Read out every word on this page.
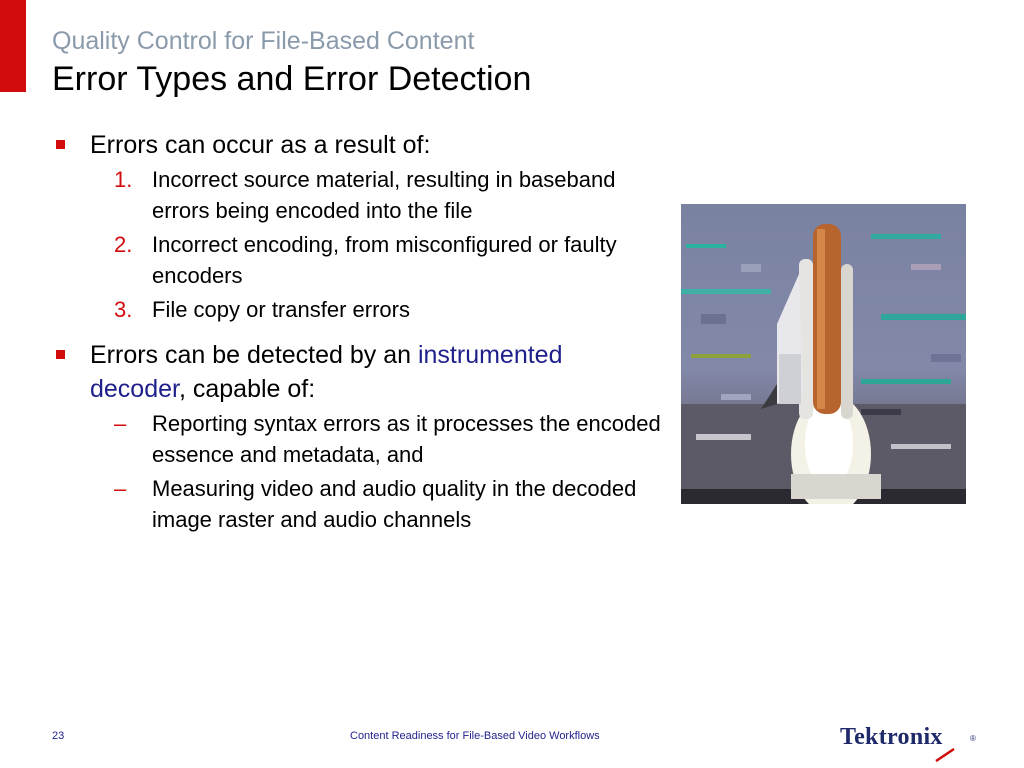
Quality Control for File-Based Content
Error Types and Error Detection
Errors can occur as a result of:
1. Incorrect source material, resulting in baseband errors being encoded into the file
2. Incorrect encoding, from misconfigured or faulty encoders
3. File copy or transfer errors
Errors can be detected by an instrumented decoder, capable of:
– Reporting syntax errors as it processes the encoded essence and metadata, and
– Measuring video and audio quality in the decoded image raster and audio channels
23	Content Readiness for File-Based Video Workflows	Tektronix	®
